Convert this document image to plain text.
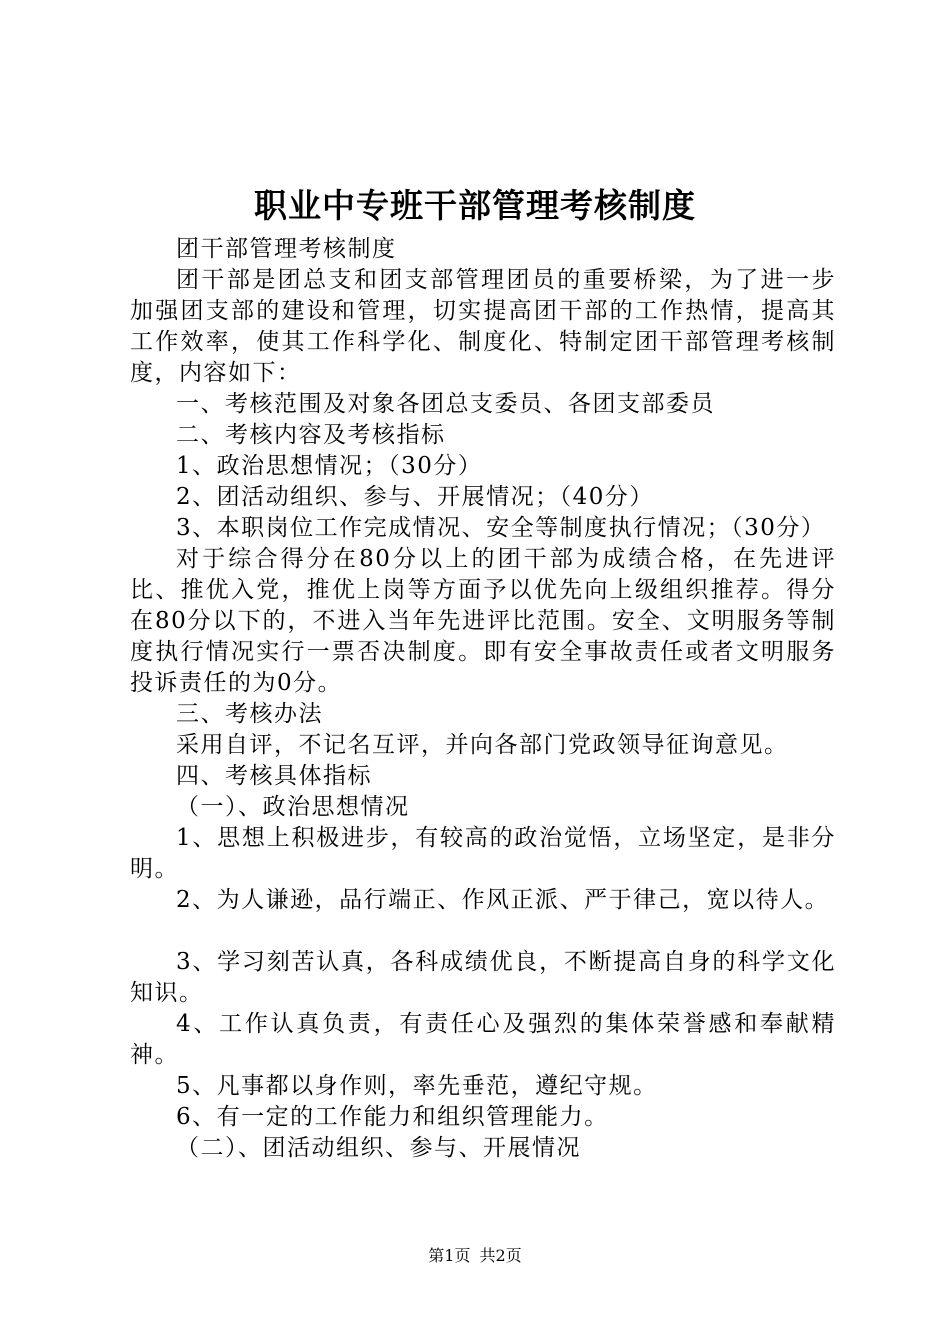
职业中专班干部管理考核制度

团干部管理考核制度

团干部是团总支和团支部管理团员的重要桥梁，为了进一步加强团支部的建设和管理，切实提高团干部的工作热情，提高其工作效率，使其工作科学化、制度化、特制定团干部管理考核制度，内容如下：

一、考核范围及对象各团总支委员、各团支部委员

二、考核内容及考核指标

1、政治思想情况；（30分）

2、团活动组织、参与、开展情况；（40分）

3、本职岗位工作完成情况、安全等制度执行情况；（30分）

对于综合得分在80分以上的团干部为成绩合格，在先进评比、推优入党，推优上岗等方面予以优先向上级组织推荐。得分在80分以下的，不进入当年先进评比范围。安全、文明服务等制度执行情况实行一票否决制度。即有安全事故责任或者文明服务投诉责任的为0分。

三、考核办法

采用自评，不记名互评，并向各部门党政领导征询意见。

四、考核具体指标

（一）、政治思想情况

1、思想上积极进步，有较高的政治觉悟，立场坚定，是非分明。

2、为人谦逊，品行端正、作风正派、严于律己，宽以待人。

3、学习刻苦认真，各科成绩优良，不断提高自身的科学文化知识。

4、工作认真负责，有责任心及强烈的集体荣誉感和奉献精神。

5、凡事都以身作则，率先垂范，遵纪守规。

6、有一定的工作能力和组织管理能力。

（二）、团活动组织、参与、开展情况

第1页 共2页
